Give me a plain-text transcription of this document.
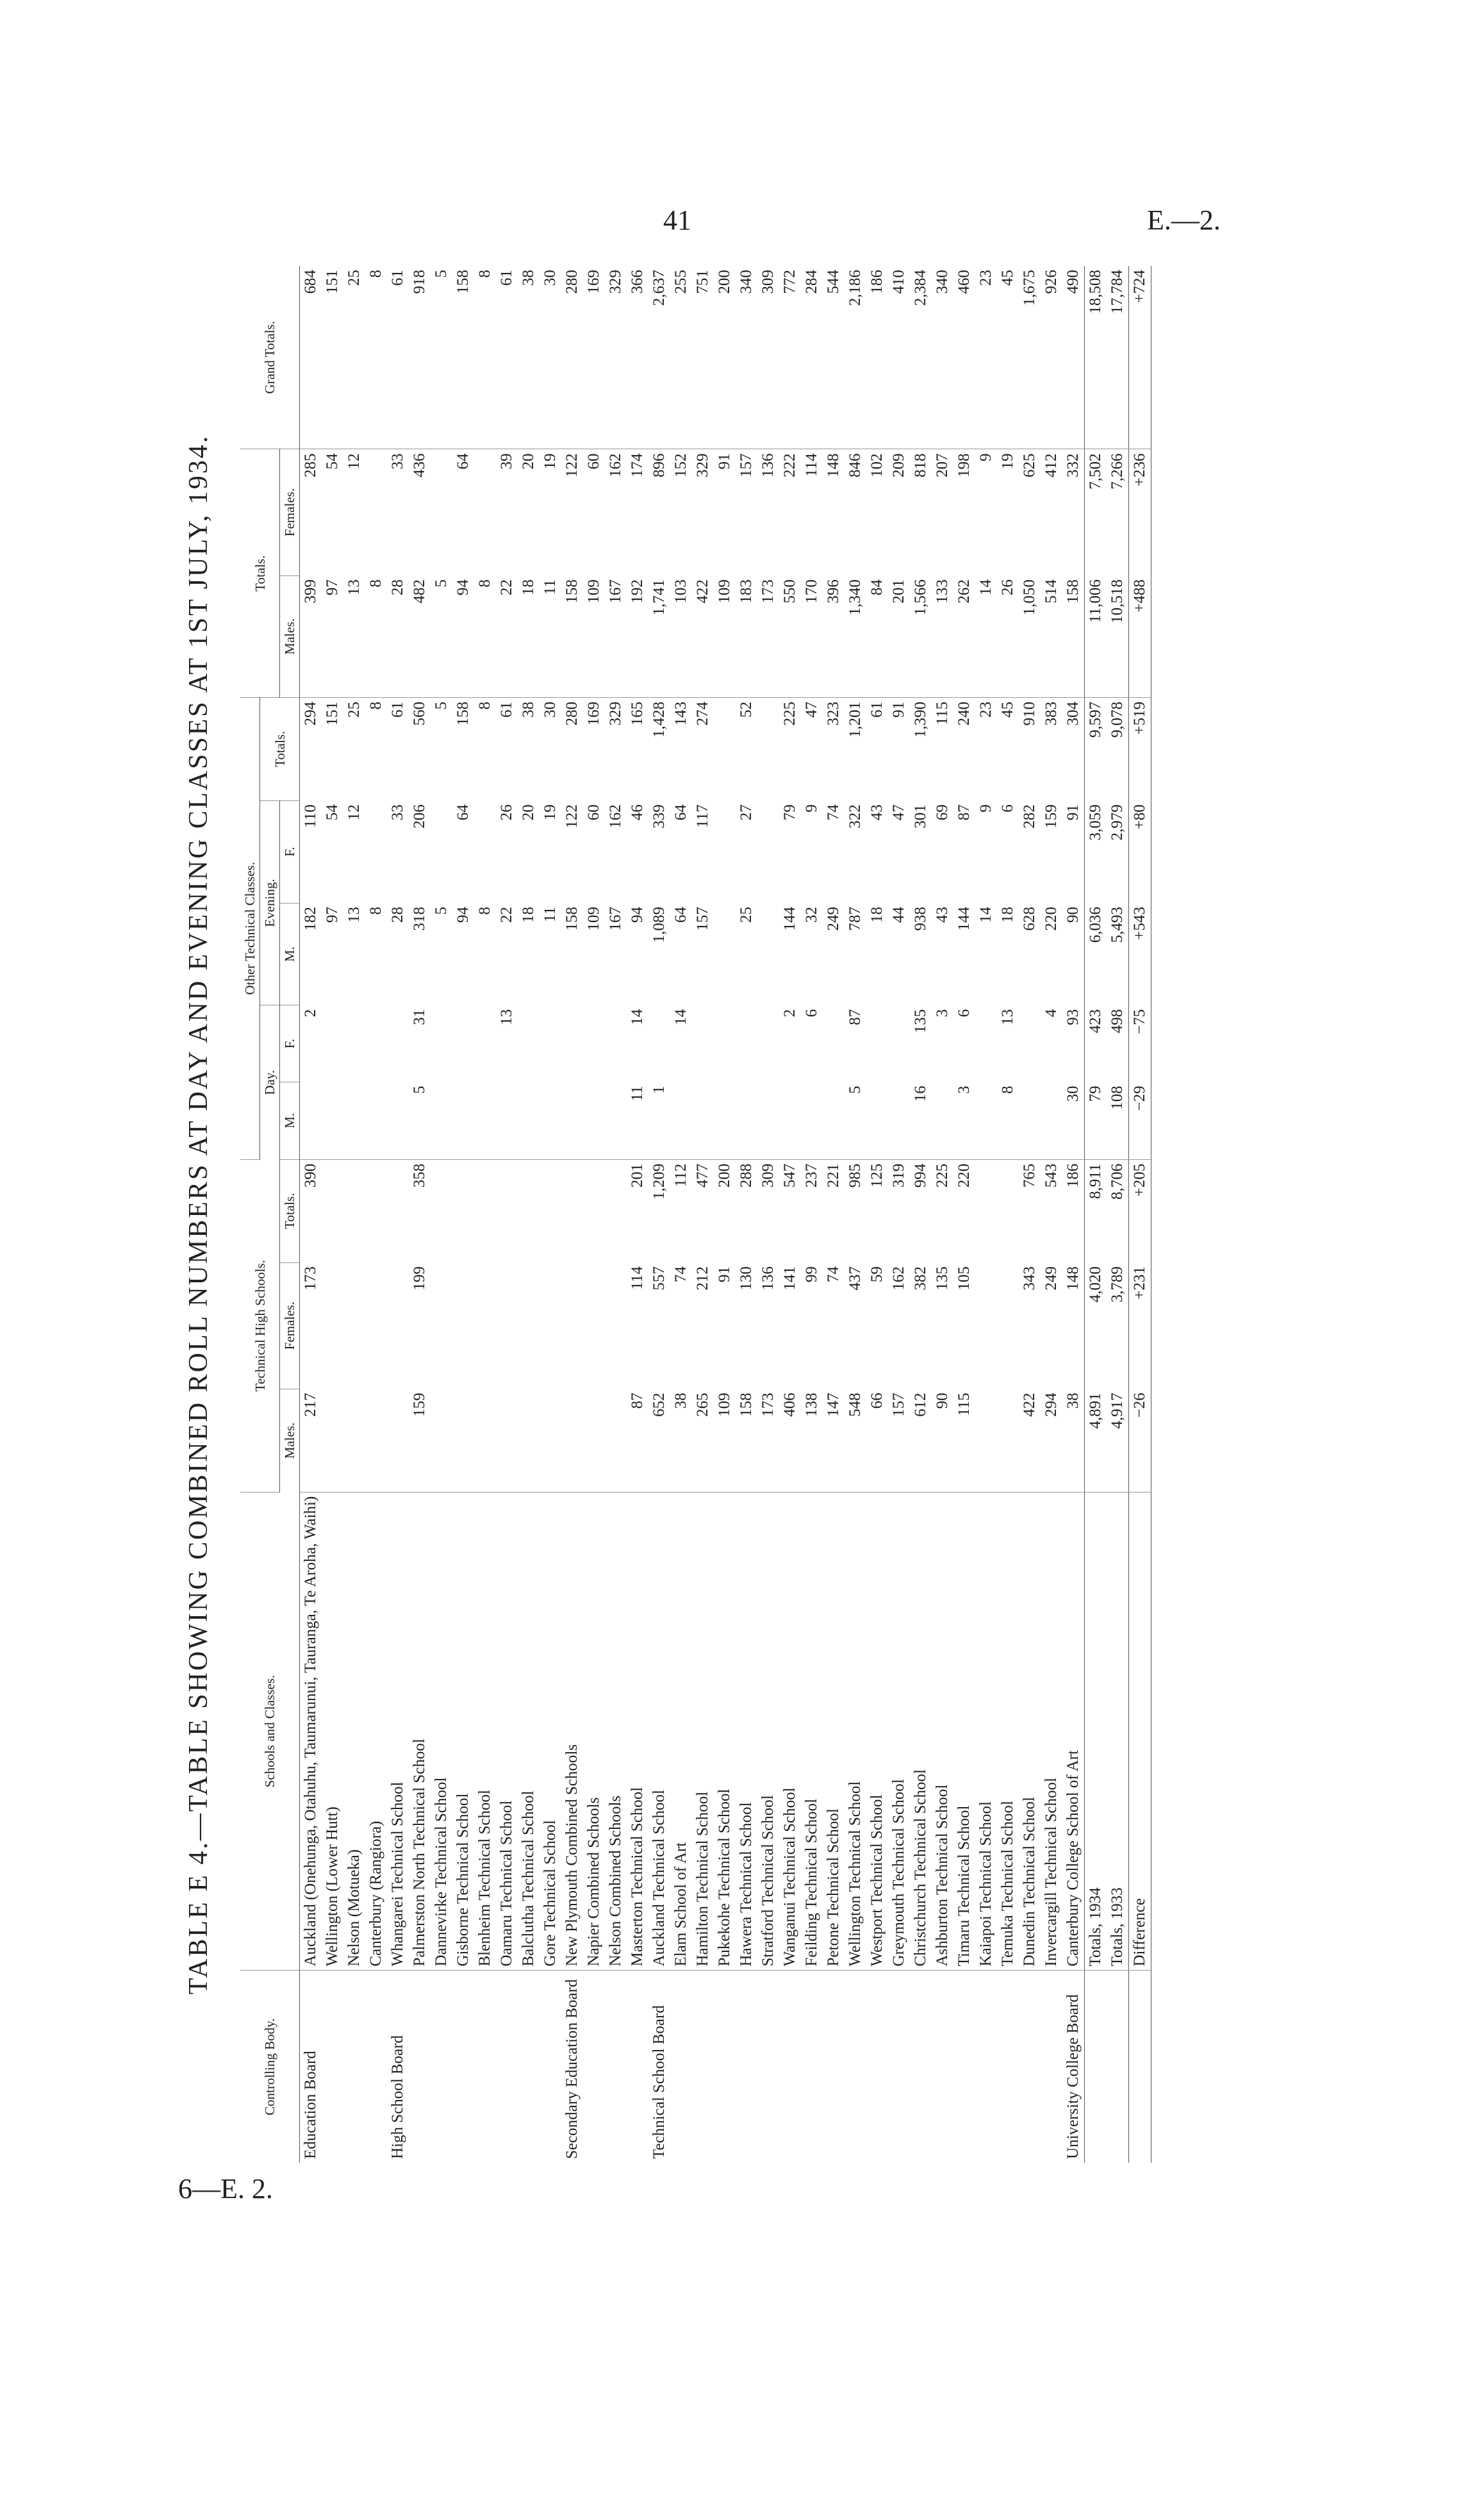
41	E.—2.
TABLE E 4.—TABLE SHOWING COMBINED ROLL NUMBERS AT DAY AND EVENING CLASSES AT 1ST JULY, 1934.
Controlling Body.	Schools and Classes.	Technical High Schools.			Other Technical Classes.					Totals.		Grand Totals.
					Day.		Evening.		Totals.			
		Males.	Females.	Totals.	M.	F.	M.	F.		Males.	Females.	
Education Board	Auckland (Onehunga, Otahuhu, Taumarunui, Tauranga, Te Aroha, Waihi)	217	173	390		2	182	110	294	399	285	684
	Wellington (Lower Hutt)						97	54	151	97	54	151
	Nelson (Motueka)						13	12	25	13	12	25
	Canterbury (Rangiora)						8		8	8		8
High School Board	Whangarei Technical School						28	33	61	28	33	61
	Palmerston North Technical School	159	199	358	5	31	318	206	560	482	436	918
	Dannevirke Technical School						5		5	5		5
	Gisborne Technical School						94	64	158	94	64	158
	Blenheim Technical School						8		8	8		8
	Oamaru Technical School					13	22	26	61	22	39	61
	Balclutha Technical School						18	20	38	18	20	38
	Gore Technical School						11	19	30	11	19	30
Secondary Education Board	New Plymouth Combined Schools						158	122	280	158	122	280
	Napier Combined Schools						109	60	169	109	60	169
	Nelson Combined Schools						167	162	329	167	162	329
	Masterton Technical School	87	114	201	11	14	94	46	165	192	174	366
Technical School Board	Auckland Technical School	652	557	1,209	1		1,089	339	1,428	1,741	896	2,637
	Elam School of Art	38	74	112		14	64	64	143	103	152	255
	Hamilton Technical School	265	212	477			157	117	274	422	329	751
	Pukekohe Technical School	109	91	200						109	91	200
	Hawera Technical School	158	130	288			25	27	52	183	157	340
	Stratford Technical School	173	136	309						173	136	309
	Wanganui Technical School	406	141	547		2	144	79	225	550	222	772
	Feilding Technical School	138	99	237		6	32	9	47	170	114	284
	Petone Technical School	147	74	221			249	74	323	396	148	544
	Wellington Technical School	548	437	985	5	87	787	322	1,201	1,340	846	2,186
	Westport Technical School	66	59	125			18	43	61	84	102	186
	Greymouth Technical School	157	162	319			44	47	91	201	209	410
	Christchurch Technical School	612	382	994	16	135	938	301	1,390	1,566	818	2,384
	Ashburton Technical School	90	135	225		3	43	69	115	133	207	340
	Timaru Technical School	115	105	220	3	6	144	87	240	262	198	460
	Kaiapoi Technical School						14	9	23	14	9	23
	Temuka Technical School				8	13	18	6	45	26	19	45
	Dunedin Technical School	422	343	765			628	282	910	1,050	625	1,675
	Invercargill Technical School	294	249	543		4	220	159	383	514	412	926
University College Board	Canterbury College School of Art	38	148	186	30	93	90	91	304	158	332	490
	Totals, 1934	4,891	4,020	8,911	79	423	6,036	3,059	9,597	11,006	7,502	18,508
	Totals, 1933	4,917	3,789	8,706	108	498	5,493	2,979	9,078	10,518	7,266	17,784
	Difference	−26	+231	+205	−29	−75	+543	+80	+519	+488	+236	+724
6—E. 2.
